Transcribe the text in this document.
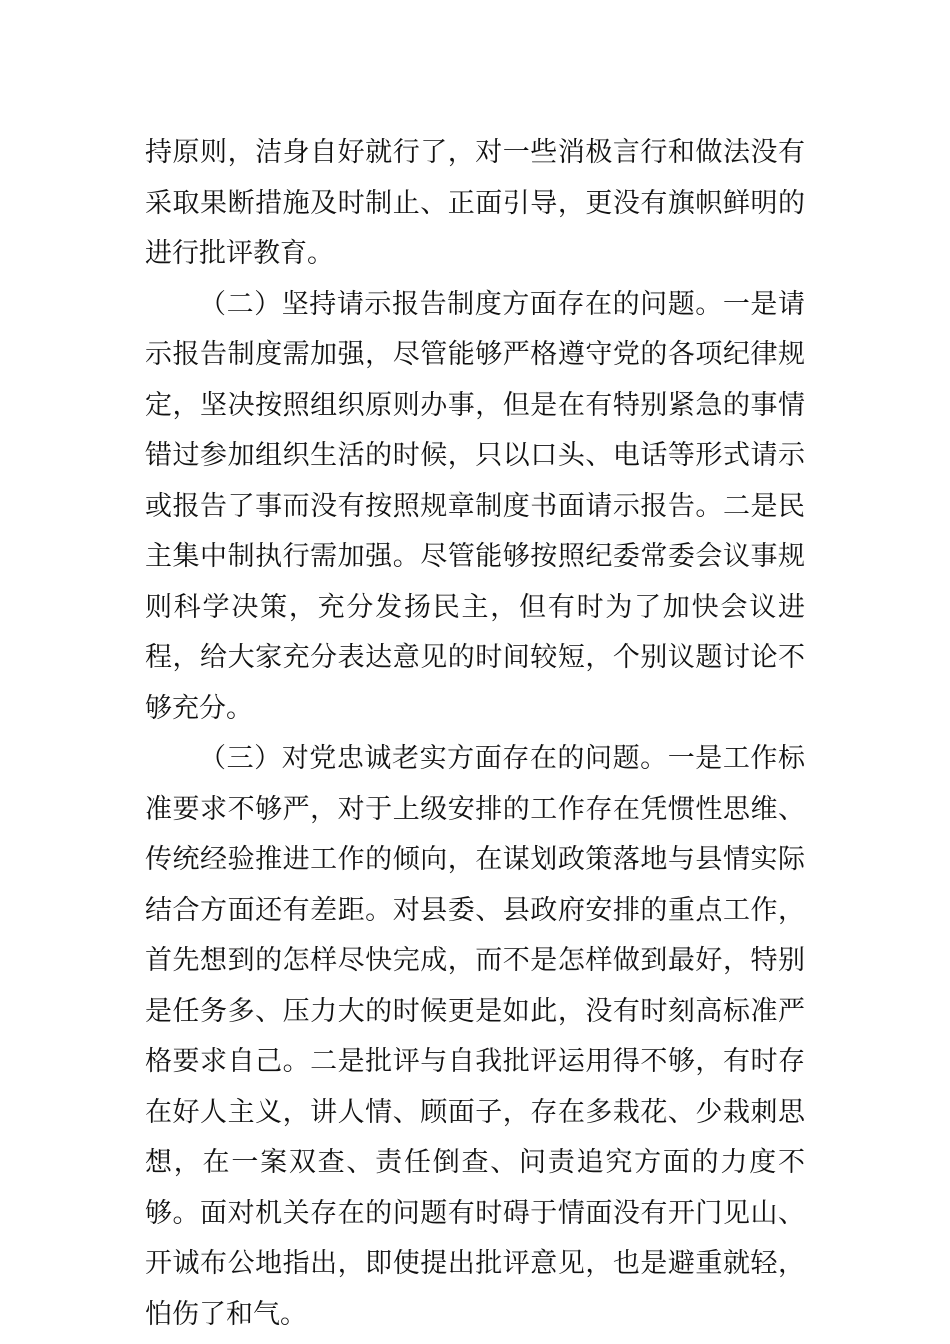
持原则，洁身自好就行了，对一些消极言行和做法没有采取果断措施及时制止、正面引导，更没有旗帜鲜明的进行批评教育。

（二）坚持请示报告制度方面存在的问题。一是请示报告制度需加强，尽管能够严格遵守党的各项纪律规定，坚决按照组织原则办事，但是在有特别紧急的事情错过参加组织生活的时候，只以口头、电话等形式请示或报告了事而没有按照规章制度书面请示报告。二是民主集中制执行需加强。尽管能够按照纪委常委会议事规则科学决策，充分发扬民主，但有时为了加快会议进程，给大家充分表达意见的时间较短，个别议题讨论不够充分。

（三）对党忠诚老实方面存在的问题。一是工作标准要求不够严，对于上级安排的工作存在凭惯性思维、传统经验推进工作的倾向，在谋划政策落地与县情实际结合方面还有差距。对县委、县政府安排的重点工作，首先想到的怎样尽快完成，而不是怎样做到最好，特别是任务多、压力大的时候更是如此，没有时刻高标准严格要求自己。二是批评与自我批评运用得不够，有时存在好人主义，讲人情、顾面子，存在多栽花、少栽刺思想，在一案双查、责任倒查、问责追究方面的力度不够。面对机关存在的问题有时碍于情面没有开门见山、开诚布公地指出，即使提出批评意见，也是避重就轻，怕伤了和气。
